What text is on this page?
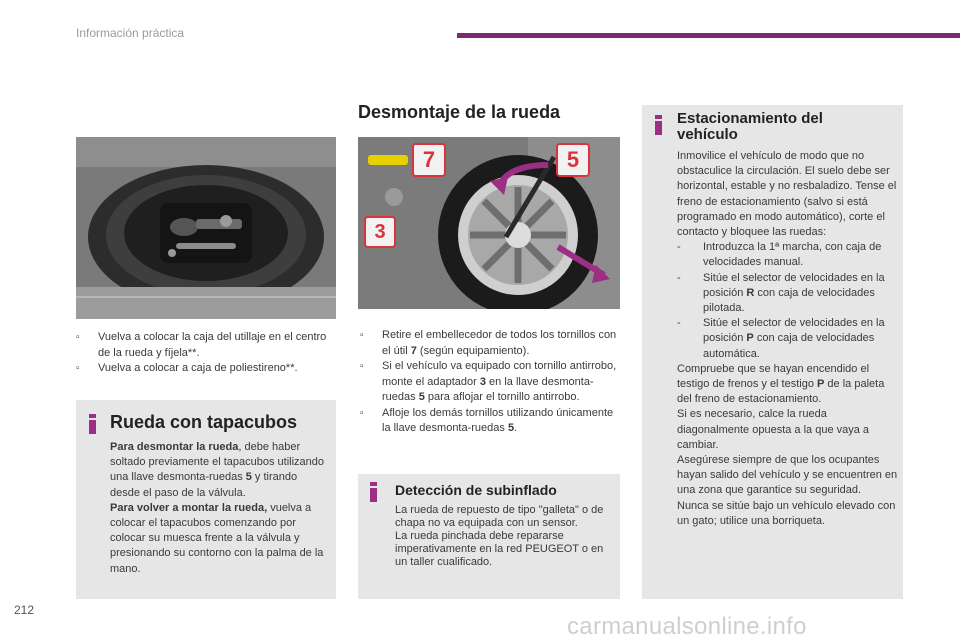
Información práctica
Desmontaje de la rueda
7	5
3
▫ Vuelva a colocar la caja del utillaje en el centro de la rueda y fíjela**.
▫ Vuelva a colocar a caja de poliestireno**.
▫ Retire el embellecedor de todos los tornillos con el útil 7 (según equipamiento).
▫ Si el vehículo va equipado con tornillo antirrobo, monte el adaptador 3 en la llave desmonta-ruedas 5 para aflojar el tornillo antirrobo.
▫ Afloje los demás tornillos utilizando únicamente la llave desmonta-ruedas 5.
Rueda con tapacubos
Para desmontar la rueda, debe haber soltado previamente el tapacubos utilizando una llave desmonta-ruedas 5 y tirando desde el paso de la válvula.
Para volver a montar la rueda, vuelva a colocar el tapacubos comenzando por colocar su muesca frente a la válvula y presionando su contorno con la palma de la mano.
Detección de subinflado
La rueda de repuesto de tipo "galleta" o de chapa no va equipada con un sensor.
La rueda pinchada debe repararse imperativamente en la red PEUGEOT o en un taller cualificado.
Estacionamiento del
vehículo
Inmovilice el vehículo de modo que no obstaculice la circulación. El suelo debe ser horizontal, estable y no resbaladizo. Tense el freno de estacionamiento (salvo si está programado en modo automático), corte el contacto y bloquee las ruedas:
- Introduzca la 1ª marcha, con caja de velocidades manual.
- Sitúe el selector de velocidades en la posición R con caja de velocidades pilotada.
- Sitúe el selector de velocidades en la posición P con caja de velocidades automática.
Compruebe que se hayan encendido el testigo de frenos y el testigo P de la paleta del freno de estacionamiento.
Si es necesario, calce la rueda diagonalmente opuesta a la que vaya a cambiar.
Asegúrese siempre de que los ocupantes hayan salido del vehículo y se encuentren en una zona que garantice su seguridad.
Nunca se sitúe bajo un vehículo elevado con un gato; utilice una borriqueta.
212
carmanualsonline.info
